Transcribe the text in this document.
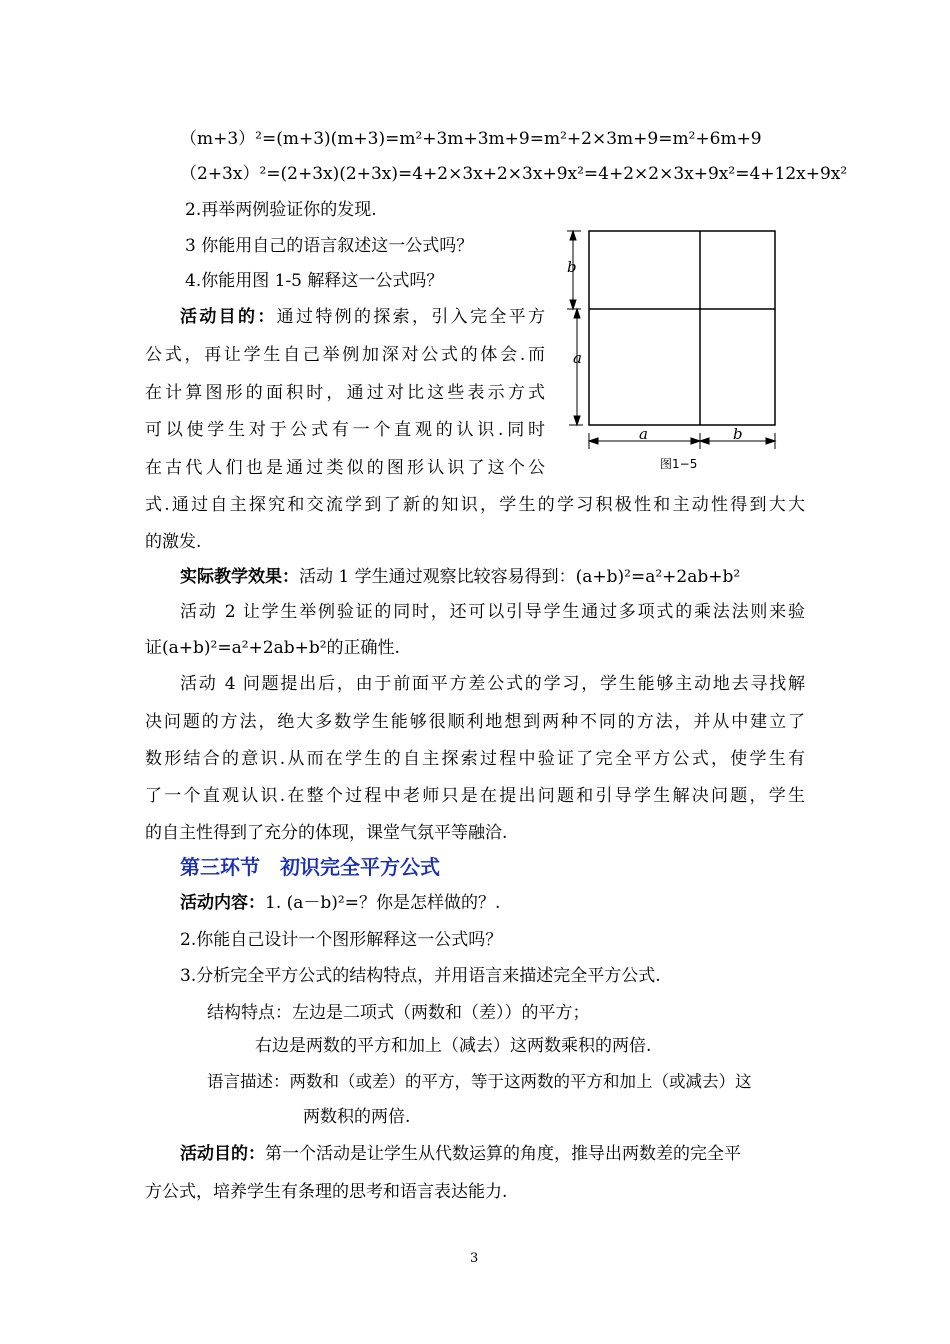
（m+3）²=(m+3)(m+3)=m²+3m+3m+9=m²+2×3m+9=m²+6m+9
（2+3x）²=(2+3x)(2+3x)=4+2×3x+2×3x+9x²=4+2×2×3x+9x²=4+12x+9x²
2.再举两例验证你的发现.
3 你能用自己的语言叙述这一公式吗？
4.你能用图 1-5 解释这一公式吗？
活动目的：通过特例的探索，引入完全平方
公式，再让学生自己举例加深对公式的体会.而
在计算图形的面积时，通过对比这些表示方式
可以使学生对于公式有一个直观的认识.同时
在古代人们也是通过类似的图形认识了这个公
式.通过自主探究和交流学到了新的知识，学生的学习积极性和主动性得到大大
的激发.
b
a
a	b
图1−5
实际教学效果：活动 1 学生通过观察比较容易得到：(a+b)²=a²+2ab+b²
活动 2 让学生举例验证的同时，还可以引导学生通过多项式的乘法法则来验
证(a+b)²=a²+2ab+b²的正确性.
活动 4 问题提出后，由于前面平方差公式的学习，学生能够主动地去寻找解
决问题的方法，绝大多数学生能够很顺利地想到两种不同的方法，并从中建立了
数形结合的意识.从而在学生的自主探索过程中验证了完全平方公式，使学生有
了一个直观认识.在整个过程中老师只是在提出问题和引导学生解决问题，学生
的自主性得到了充分的体现，课堂气氛平等融洽.
第三环节　初识完全平方公式
活动内容：1. (a－b)²=？你是怎样做的？.
2.你能自己设计一个图形解释这一公式吗？
3.分析完全平方公式的结构特点，并用语言来描述完全平方公式.
结构特点：左边是二项式（两数和（差））的平方；
右边是两数的平方和加上（减去）这两数乘积的两倍.
语言描述：两数和（或差）的平方，等于这两数的平方和加上（或减去）这
两数积的两倍.
活动目的：第一个活动是让学生从代数运算的角度，推导出两数差的完全平
方公式，培养学生有条理的思考和语言表达能力.
3
